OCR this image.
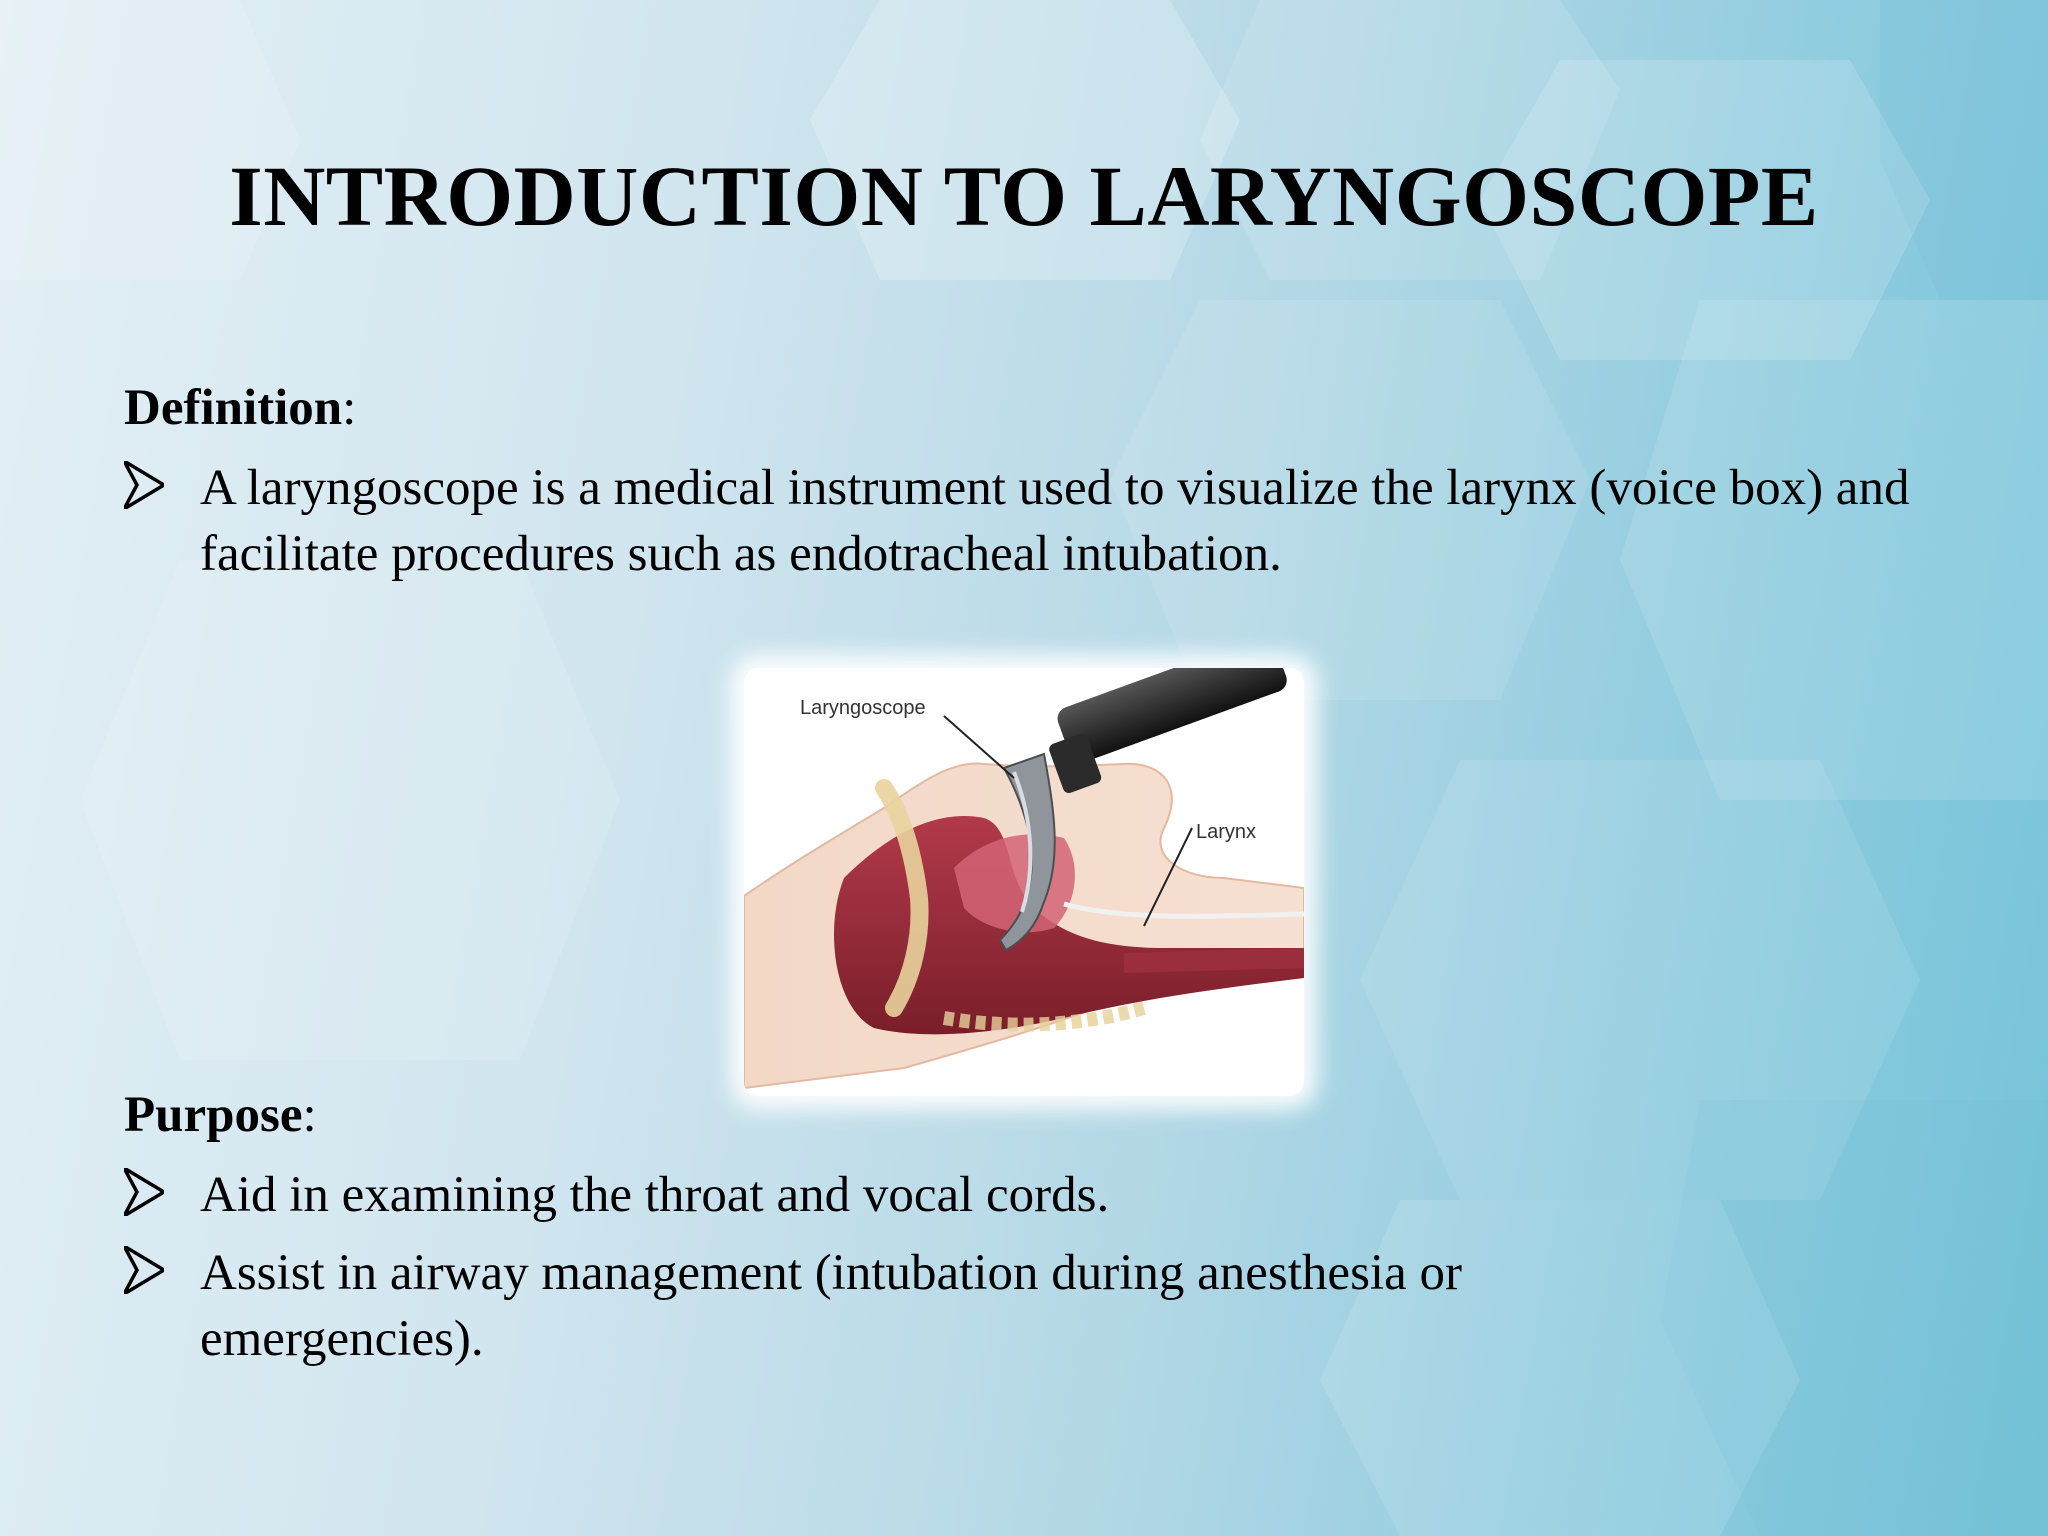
INTRODUCTION TO LARYNGOSCOPE
Definition:
A laryngoscope is a medical instrument used to visualize the larynx (voice box) and facilitate procedures such as endotracheal intubation.
Laryngoscope
Larynx
Purpose:
Aid in examining the throat and vocal cords.
Assist in airway management (intubation during anesthesia or emergencies).
